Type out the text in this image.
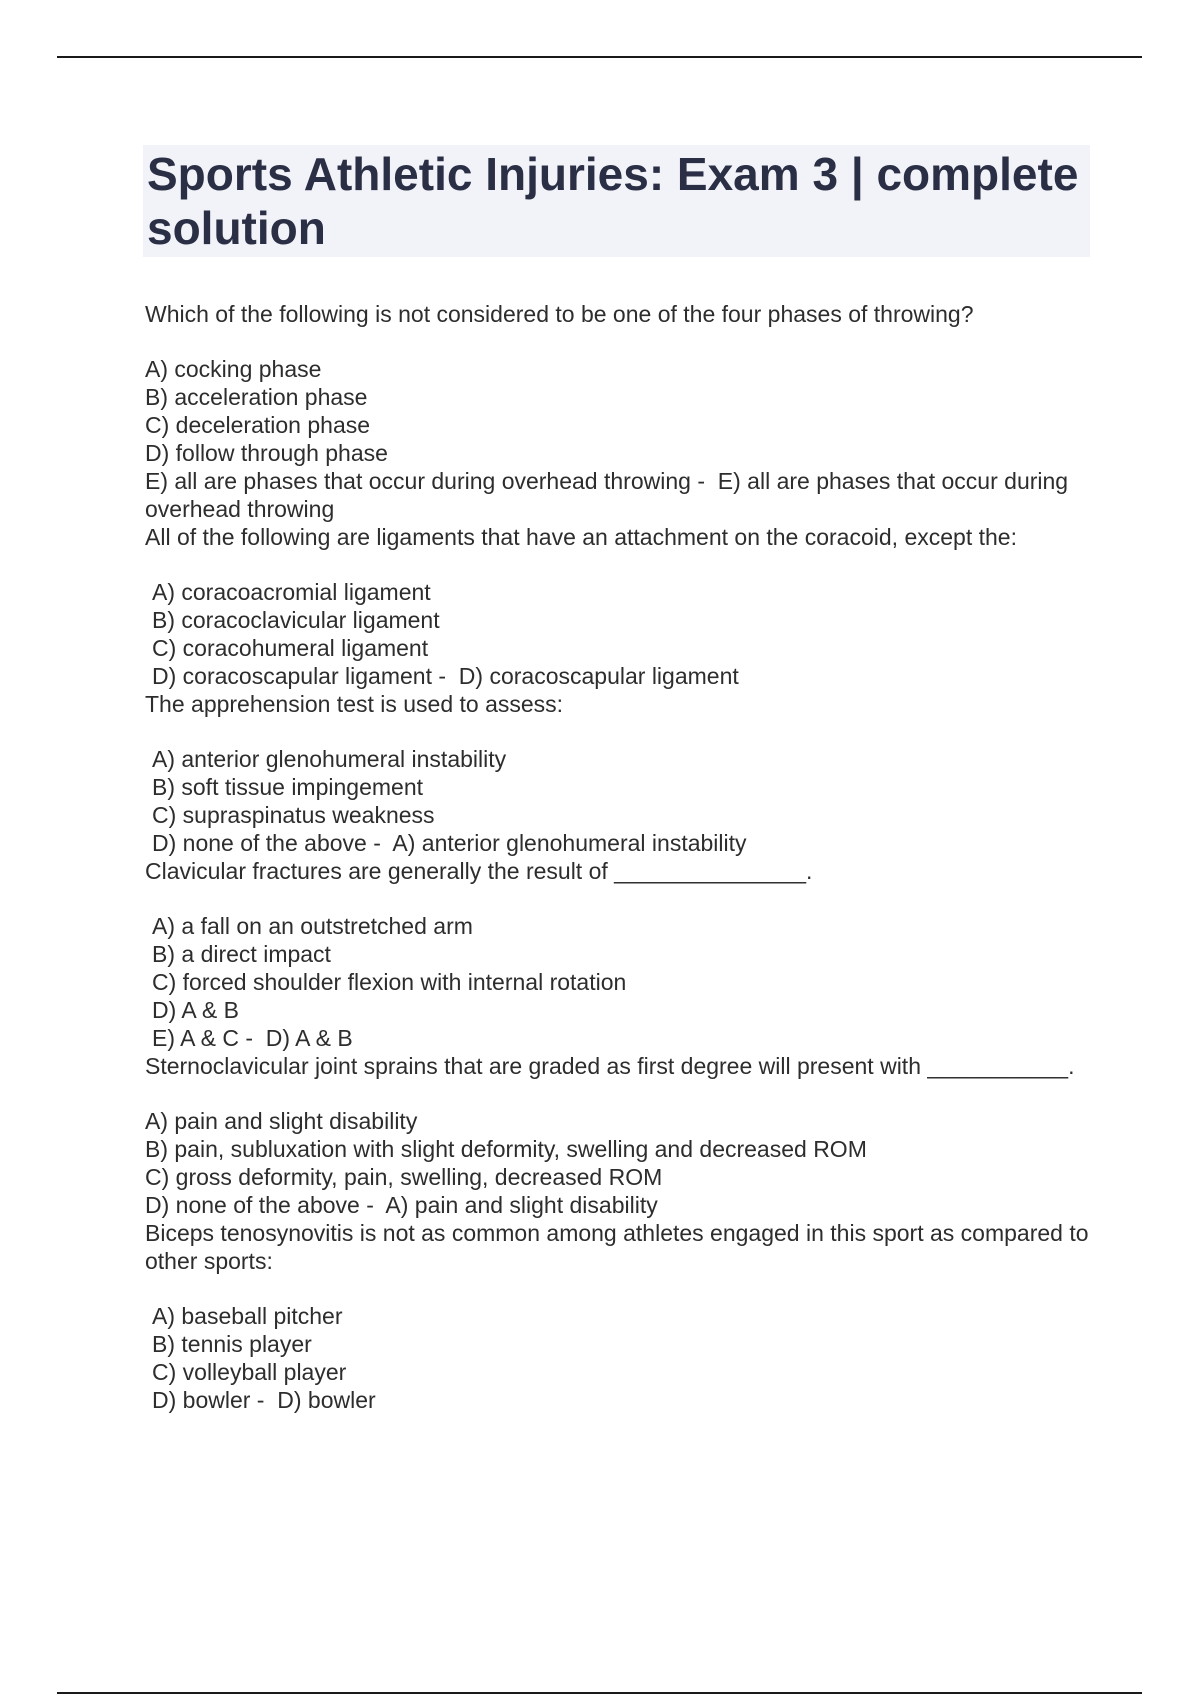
Sports Athletic Injuries: Exam 3 | complete solution

Which of the following is not considered to be one of the four phases of throwing?

A) cocking phase
B) acceleration phase
C) deceleration phase
D) follow through phase
E) all are phases that occur during overhead throwing -  E) all are phases that occur during overhead throwing

All of the following are ligaments that have an attachment on the coracoid, except the:

A) coracoacromial ligament
B) coracoclavicular ligament
C) coracohumeral ligament
D) coracoscapular ligament -  D) coracoscapular ligament

The apprehension test is used to assess:

A) anterior glenohumeral instability
B) soft tissue impingement
C) supraspinatus weakness
D) none of the above -  A) anterior glenohumeral instability

Clavicular fractures are generally the result of _______________.

A) a fall on an outstretched arm
B) a direct impact
C) forced shoulder flexion with internal rotation
D) A & B
E) A & C -  D) A & B

Sternoclavicular joint sprains that are graded as first degree will present with ___________.

A) pain and slight disability
B) pain, subluxation with slight deformity, swelling and decreased ROM
C) gross deformity, pain, swelling, decreased ROM
D) none of the above -  A) pain and slight disability

Biceps tenosynovitis is not as common among athletes engaged in this sport as compared to other sports:

A) baseball pitcher
B) tennis player
C) volleyball player
D) bowler -  D) bowler
